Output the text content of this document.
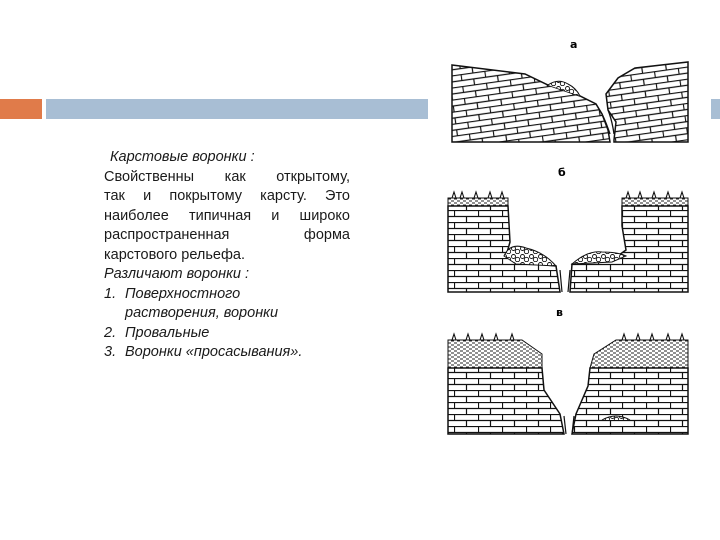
Карстовые воронки :
Свойственны как открытому,
так и покрытому карсту. Это
наиболее типичная и широко
распространенная форма
карстового рельефа.
Различают воронки :
1. Поверхностного
растворения, воронки
2. Провальные
3. Воронки «просасывания».
а
б
в
